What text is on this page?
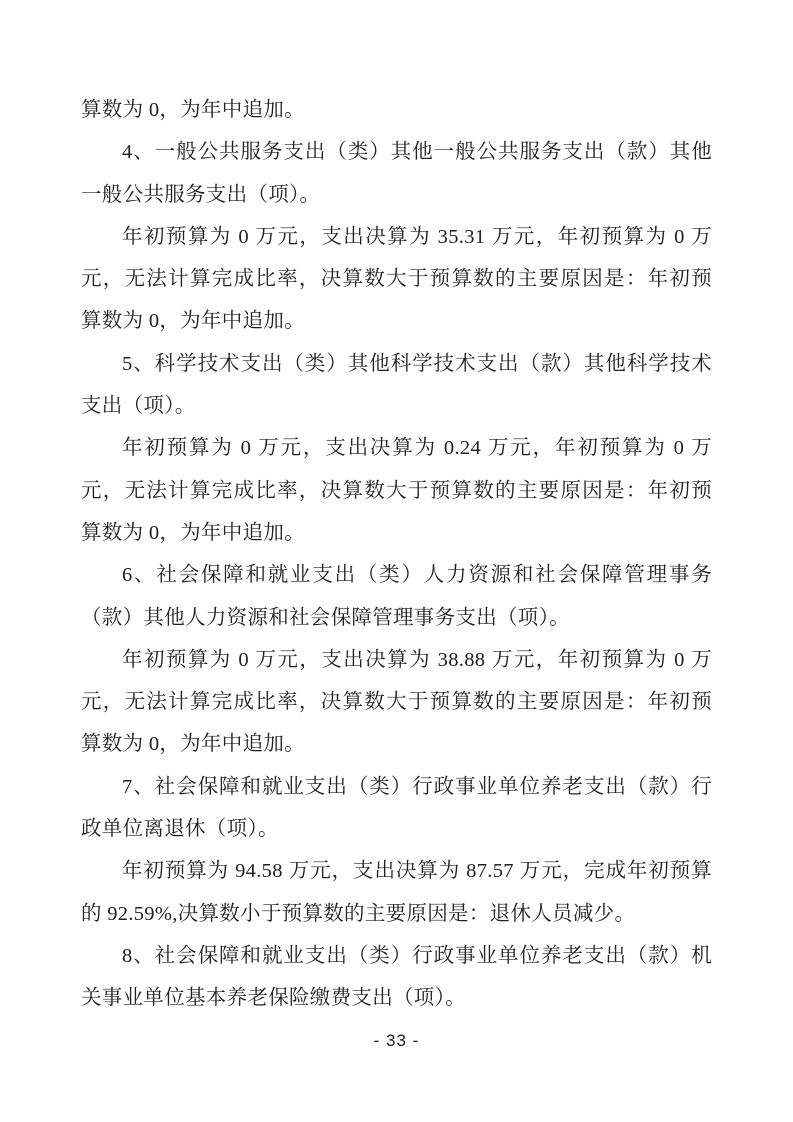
算数为 0，为年中追加。
4、一般公共服务支出（类）其他一般公共服务支出（款）其他
一般公共服务支出（项）。
年初预算为 0 万元，支出决算为 35.31 万元，年初预算为 0 万
元，无法计算完成比率，决算数大于预算数的主要原因是：年初预
算数为 0，为年中追加。
5、科学技术支出（类）其他科学技术支出（款）其他科学技术
支出（项）。
年初预算为 0 万元，支出决算为 0.24 万元，年初预算为 0 万
元，无法计算完成比率，决算数大于预算数的主要原因是：年初预
算数为 0，为年中追加。
6、社会保障和就业支出（类）人力资源和社会保障管理事务
（款）其他人力资源和社会保障管理事务支出（项）。
年初预算为 0 万元，支出决算为 38.88 万元，年初预算为 0 万
元，无法计算完成比率，决算数大于预算数的主要原因是：年初预
算数为 0，为年中追加。
7、社会保障和就业支出（类）行政事业单位养老支出（款）行
政单位离退休（项）。
年初预算为 94.58 万元，支出决算为 87.57 万元，完成年初预算
的 92.59%,决算数小于预算数的主要原因是：退休人员减少。
8、社会保障和就业支出（类）行政事业单位养老支出（款）机
关事业单位基本养老保险缴费支出（项）。
- 33 -
